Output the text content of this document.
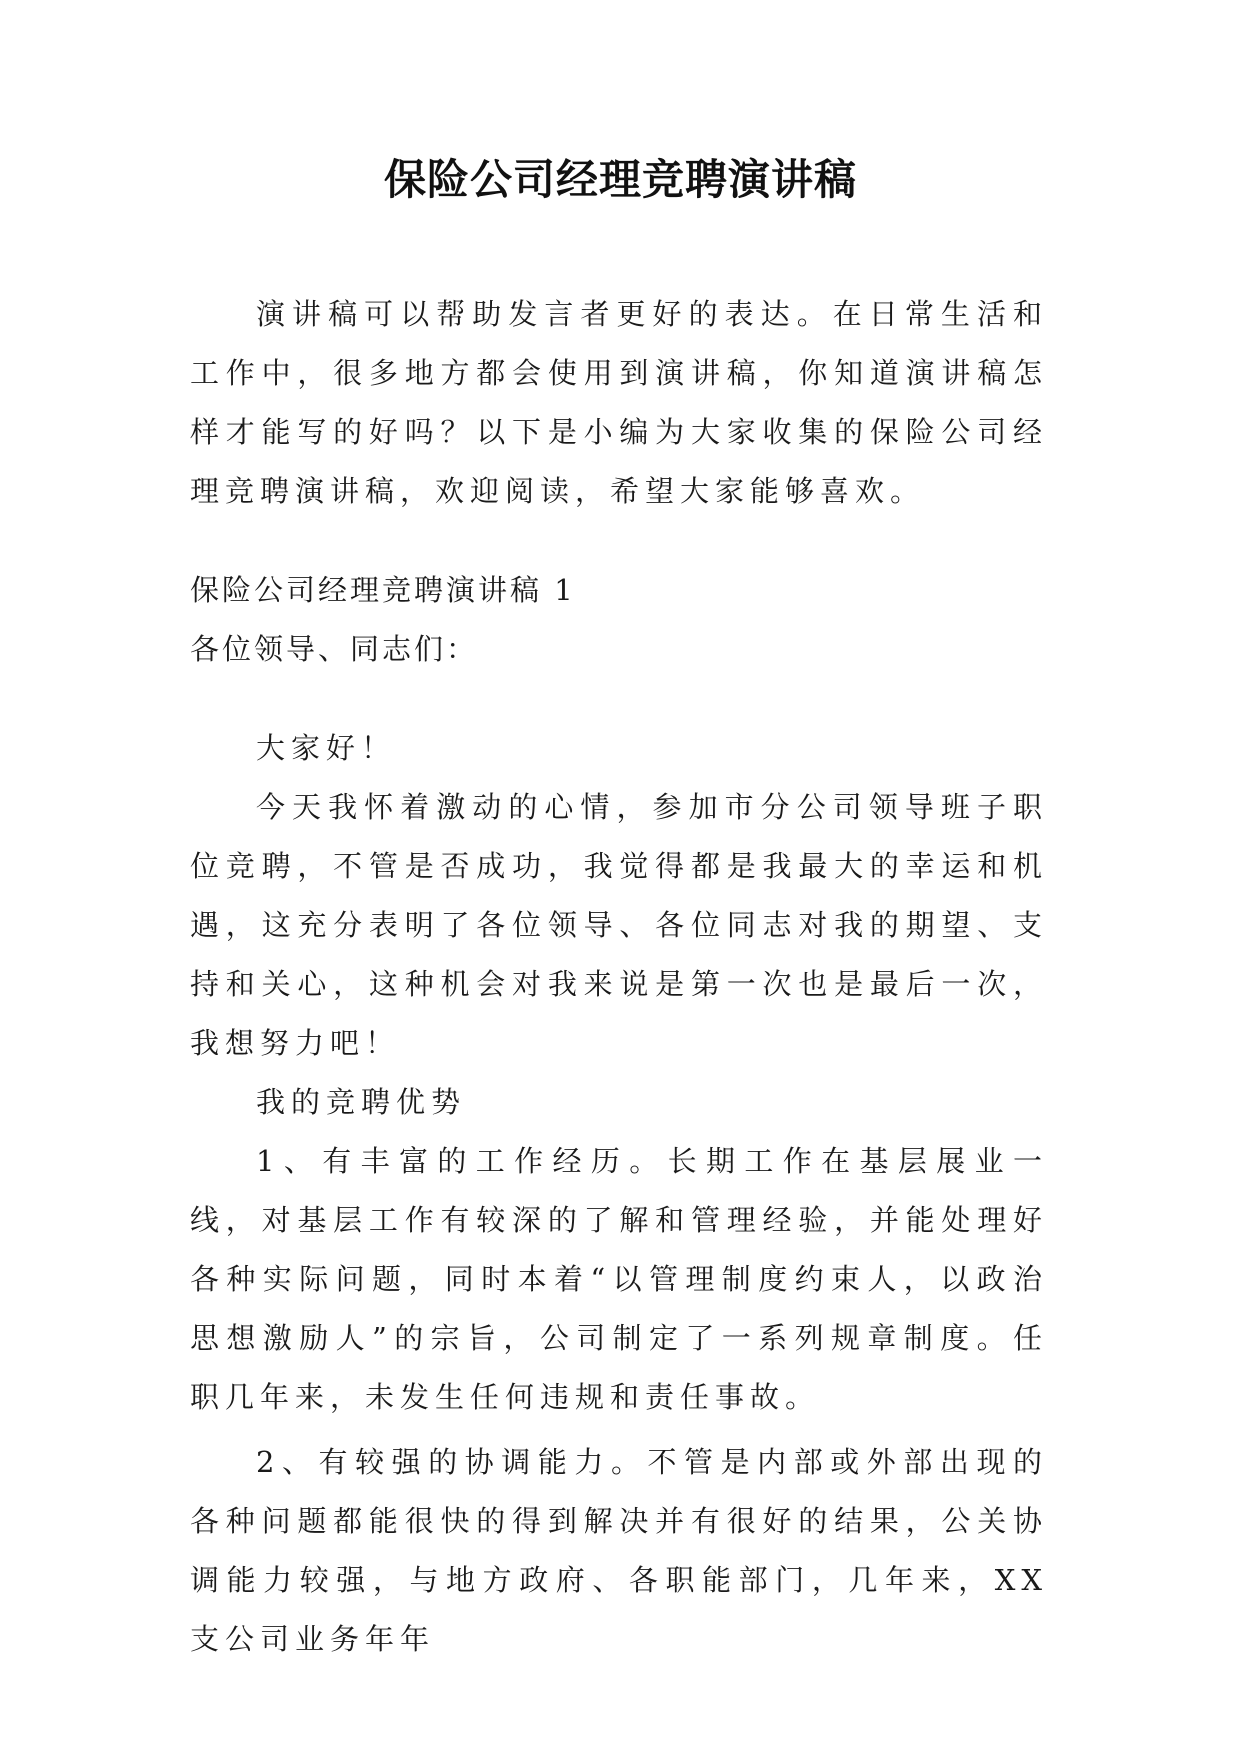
保险公司经理竞聘演讲稿

演讲稿可以帮助发言者更好的表达。在日常生活和工作中，很多地方都会使用到演讲稿，你知道演讲稿怎样才能写的好吗？以下是小编为大家收集的保险公司经理竞聘演讲稿，欢迎阅读，希望大家能够喜欢。

保险公司经理竞聘演讲稿 1

各位领导、同志们：

大家好！

今天我怀着激动的心情，参加市分公司领导班子职位竞聘，不管是否成功，我觉得都是我最大的幸运和机遇，这充分表明了各位领导、各位同志对我的期望、支持和关心，这种机会对我来说是第一次也是最后一次，我想努力吧！

我的竞聘优势

1、有丰富的工作经历。长期工作在基层展业一线，对基层工作有较深的了解和管理经验，并能处理好各种实际问题，同时本着“以管理制度约束人，以政治思想激励人”的宗旨，公司制定了一系列规章制度。任职几年来，未发生任何违规和责任事故。

2、有较强的协调能力。不管是内部或外部出现的各种问题都能很快的得到解决并有很好的结果，公关协调能力较强，与地方政府、各职能部门，几年来，XX 支公司业务年年
